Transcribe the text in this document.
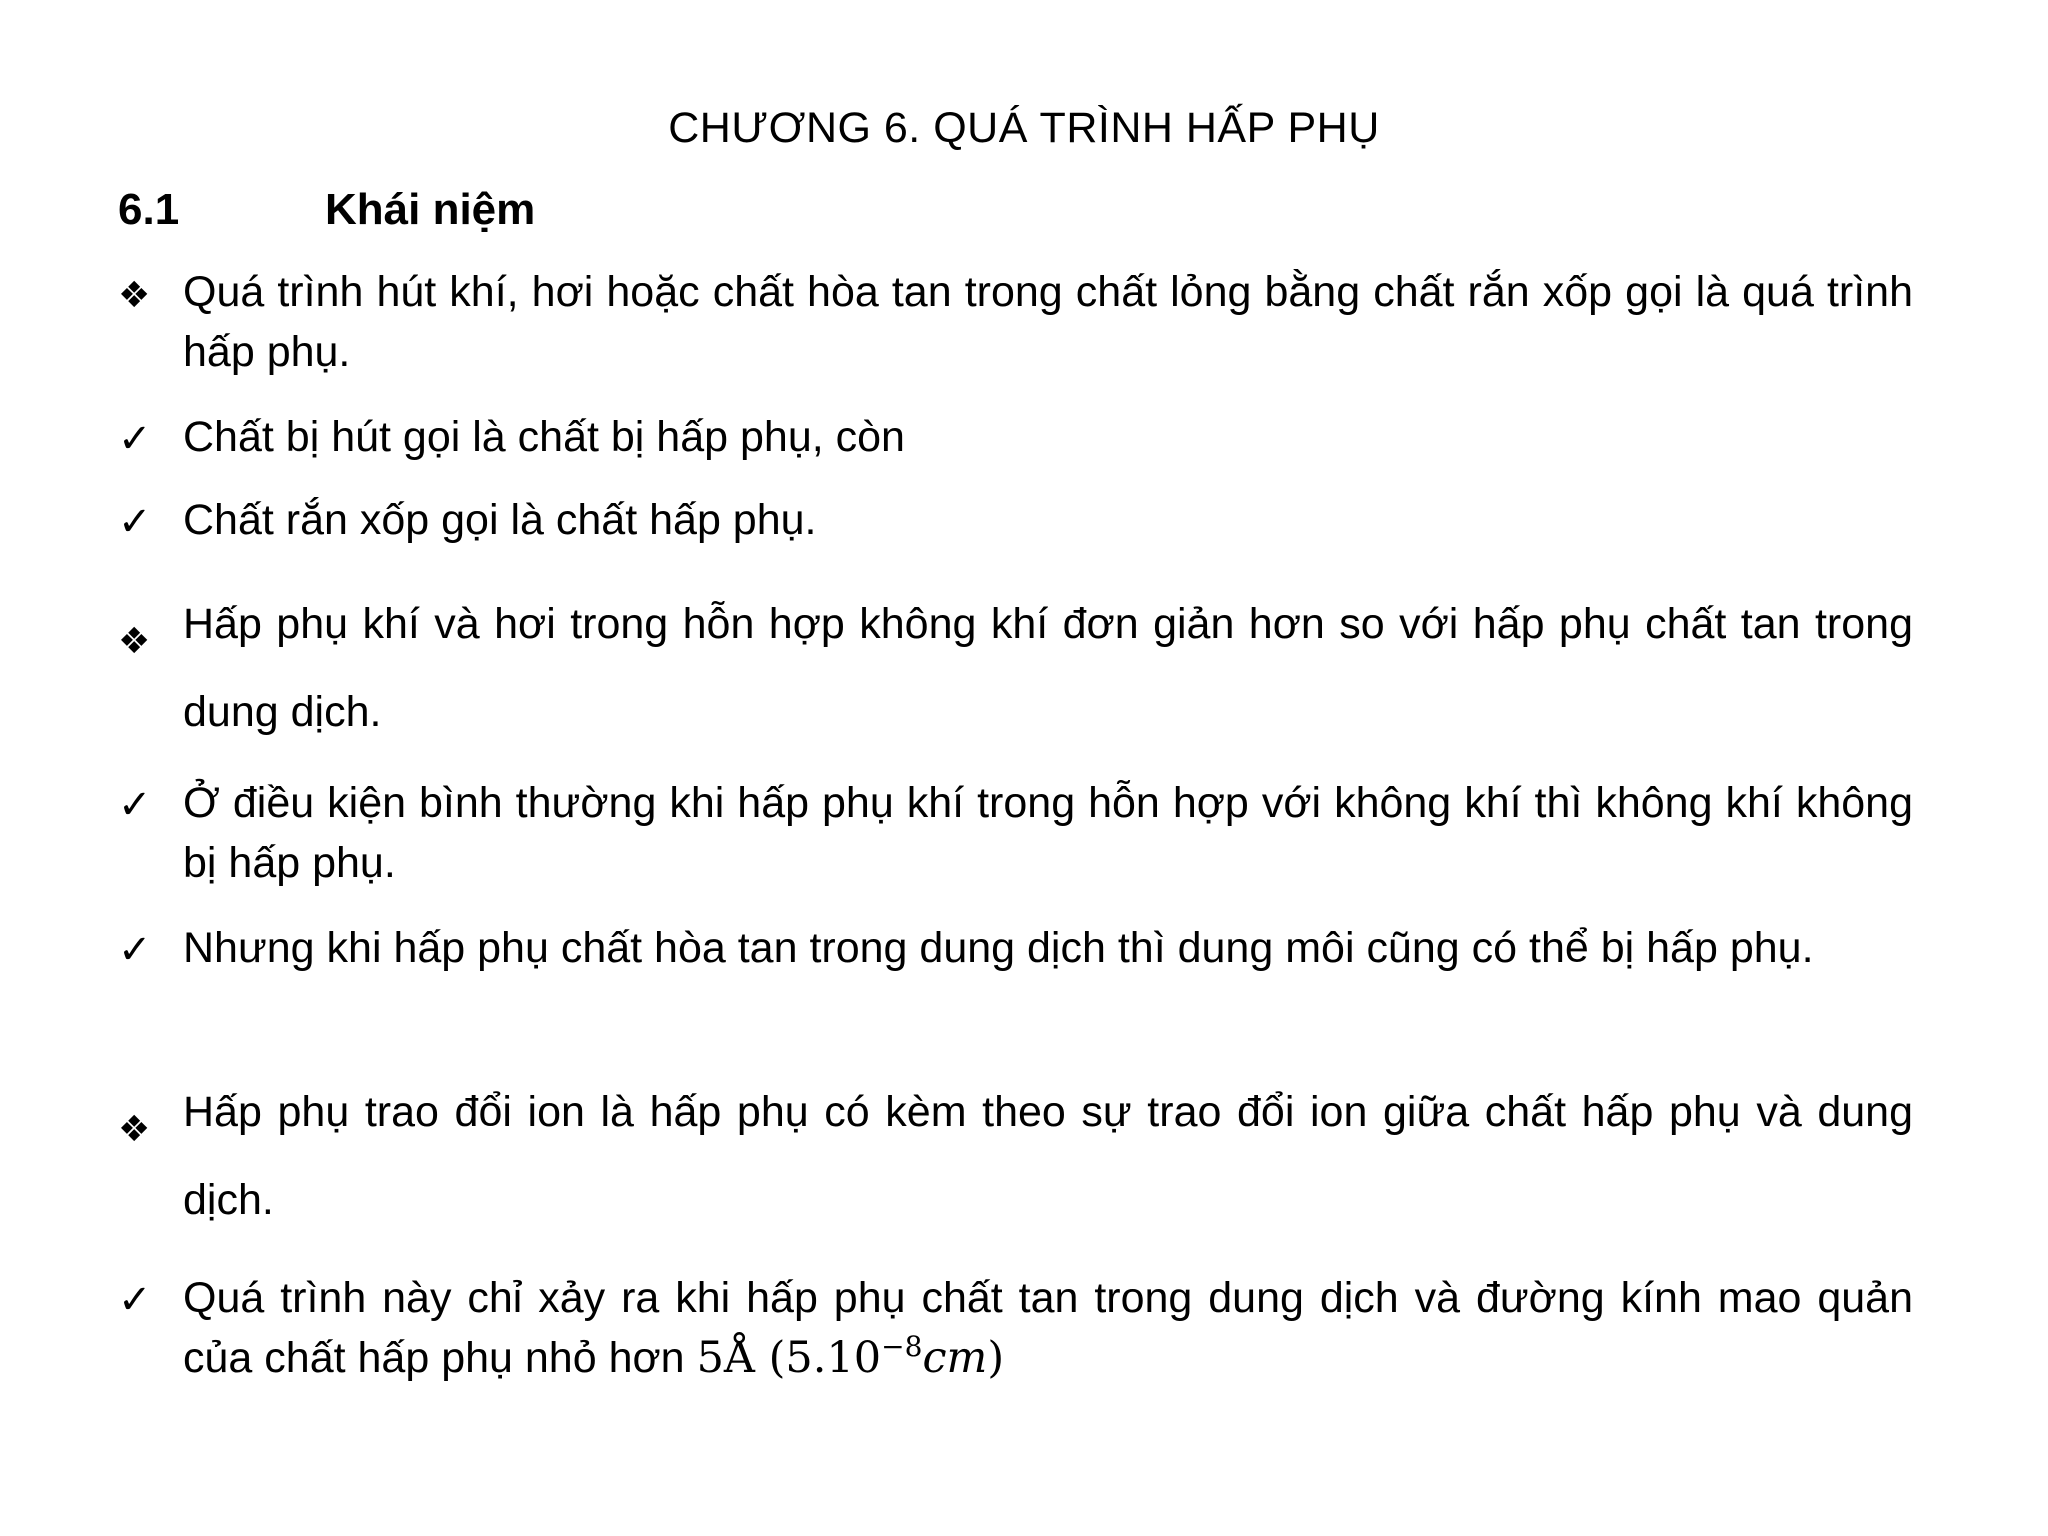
CHƯƠNG 6. QUÁ TRÌNH HẤP PHỤ
6.1	Khái niệm
❖ Quá trình hút khí, hơi hoặc chất hòa tan trong chất lỏng bằng chất rắn xốp gọi là quá trình hấp phụ.
✓ Chất bị hút gọi là chất bị hấp phụ, còn
✓ Chất rắn xốp gọi là chất hấp phụ.
❖ Hấp phụ khí và hơi trong hỗn hợp không khí đơn giản hơn so với hấp phụ chất tan trong dung dịch.
✓ Ở điều kiện bình thường khi hấp phụ khí trong hỗn hợp với không khí thì không khí không bị hấp phụ.
✓ Nhưng khi hấp phụ chất hòa tan trong dung dịch thì dung môi cũng có thể bị hấp phụ.
❖ Hấp phụ trao đổi ion là hấp phụ có kèm theo sự trao đổi ion giữa chất hấp phụ và dung dịch.
✓ Quá trình này chỉ xảy ra khi hấp phụ chất tan trong dung dịch và đường kính mao quản của chất hấp phụ nhỏ hơn 5Å $(5.10^{-8}cm)$
